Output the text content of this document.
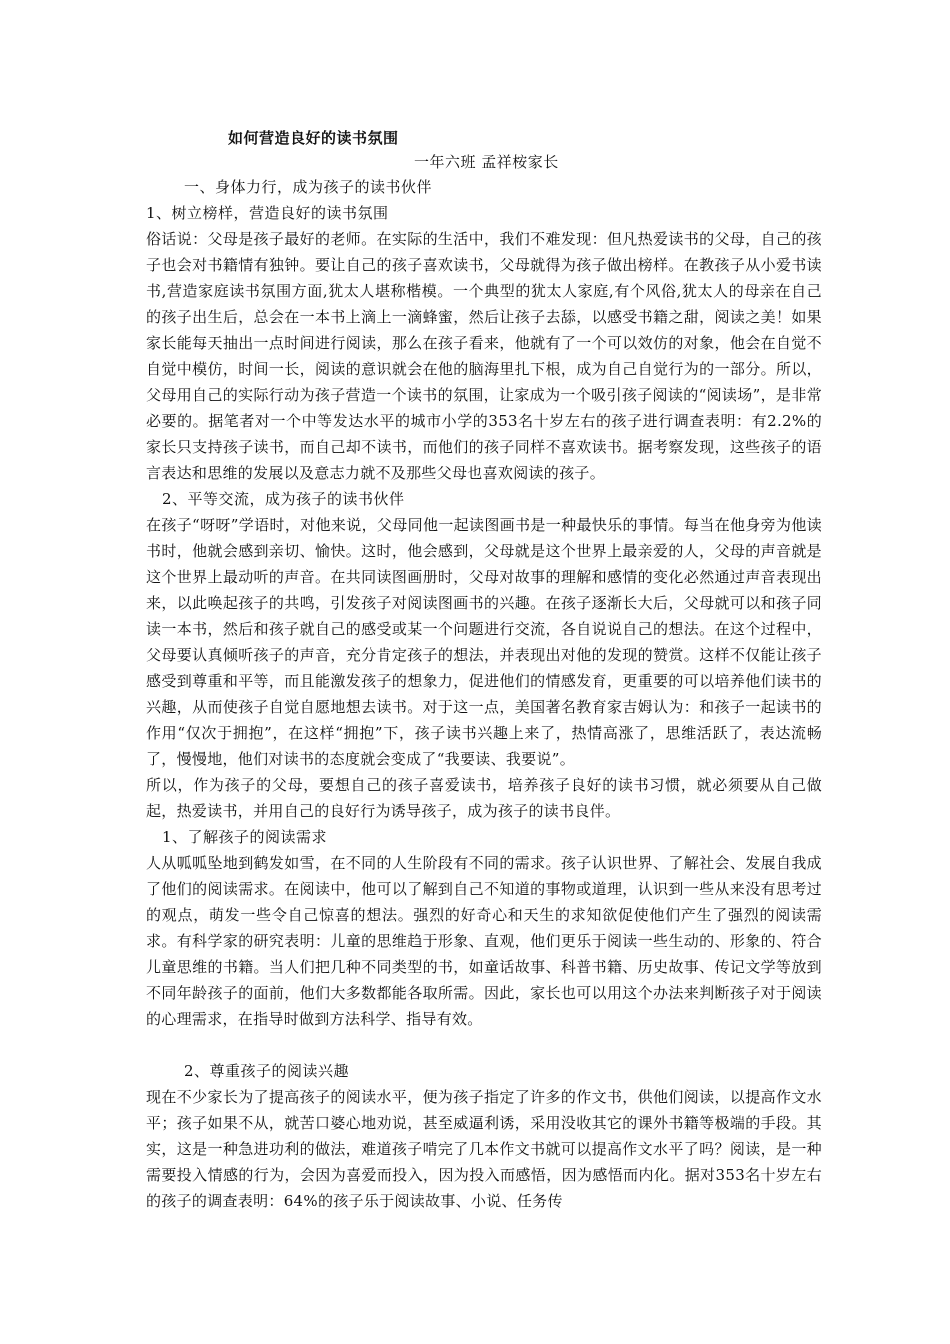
如何营造良好的读书氛围
一年六班 孟祥桉家长

一、身体力行，成为孩子的读书伙伴

1、树立榜样，营造良好的读书氛围

俗话说：父母是孩子最好的老师。在实际的生活中，我们不难发现：但凡热爱读书的父母，自己的孩子也会对书籍情有独钟。要让自己的孩子喜欢读书，父母就得为孩子做出榜样。在教孩子从小爱书读书,营造家庭读书氛围方面,犹太人堪称楷模。一个典型的犹太人家庭,有个风俗,犹太人的母亲在自己的孩子出生后，总会在一本书上滴上一滴蜂蜜，然后让孩子去舔，以感受书籍之甜，阅读之美！如果家长能每天抽出一点时间进行阅读，那么在孩子看来，他就有了一个可以效仿的对象，他会在自觉不自觉中模仿，时间一长，阅读的意识就会在他的脑海里扎下根，成为自己自觉行为的一部分。所以，父母用自己的实际行动为孩子营造一个读书的氛围，让家成为一个吸引孩子阅读的“阅读场”，是非常必要的。据笔者对一个中等发达水平的城市小学的353名十岁左右的孩子进行调查表明：有2.2%的家长只支持孩子读书，而自己却不读书，而他们的孩子同样不喜欢读书。据考察发现，这些孩子的语言表达和思维的发展以及意志力就不及那些父母也喜欢阅读的孩子。

2、平等交流，成为孩子的读书伙伴

在孩子“呀呀”学语时，对他来说，父母同他一起读图画书是一种最快乐的事情。每当在他身旁为他读书时，他就会感到亲切、愉快。这时，他会感到，父母就是这个世界上最亲爱的人，父母的声音就是这个世界上最动听的声音。在共同读图画册时，父母对故事的理解和感情的变化必然通过声音表现出来，以此唤起孩子的共鸣，引发孩子对阅读图画书的兴趣。在孩子逐渐长大后，父母就可以和孩子同读一本书，然后和孩子就自己的感受或某一个问题进行交流，各自说说自己的想法。在这个过程中，父母要认真倾听孩子的声音，充分肯定孩子的想法，并表现出对他的发现的赞赏。这样不仅能让孩子感受到尊重和平等，而且能激发孩子的想象力，促进他们的情感发育，更重要的可以培养他们读书的兴趣，从而使孩子自觉自愿地想去读书。对于这一点，美国著名教育家吉姆认为：和孩子一起读书的作用“仅次于拥抱”，在这样“拥抱”下，孩子读书兴趣上来了，热情高涨了，思维活跃了，表达流畅了，慢慢地，他们对读书的态度就会变成了“我要读、我要说”。

所以，作为孩子的父母，要想自己的孩子喜爱读书，培养孩子良好的读书习惯，就必须要从自己做起，热爱读书，并用自己的良好行为诱导孩子，成为孩子的读书良伴。

1、了解孩子的阅读需求

人从呱呱坠地到鹤发如雪，在不同的人生阶段有不同的需求。孩子认识世界、了解社会、发展自我成了他们的阅读需求。在阅读中，他可以了解到自己不知道的事物或道理，认识到一些从来没有思考过的观点，萌发一些令自己惊喜的想法。强烈的好奇心和天生的求知欲促使他们产生了强烈的阅读需求。有科学家的研究表明：儿童的思维趋于形象、直观，他们更乐于阅读一些生动的、形象的、符合儿童思维的书籍。当人们把几种不同类型的书，如童话故事、科普书籍、历史故事、传记文学等放到不同年龄孩子的面前，他们大多数都能各取所需。因此，家长也可以用这个办法来判断孩子对于阅读的心理需求，在指导时做到方法科学、指导有效。

2、尊重孩子的阅读兴趣

现在不少家长为了提高孩子的阅读水平，便为孩子指定了许多的作文书，供他们阅读，以提高作文水平；孩子如果不从，就苦口婆心地劝说，甚至威逼利诱，采用没收其它的课外书籍等极端的手段。其实，这是一种急进功利的做法，难道孩子啃完了几本作文书就可以提高作文水平了吗？阅读，是一种需要投入情感的行为，会因为喜爱而投入，因为投入而感悟，因为感悟而内化。据对353名十岁左右的孩子的调查表明：64%的孩子乐于阅读故事、小说、任务传
